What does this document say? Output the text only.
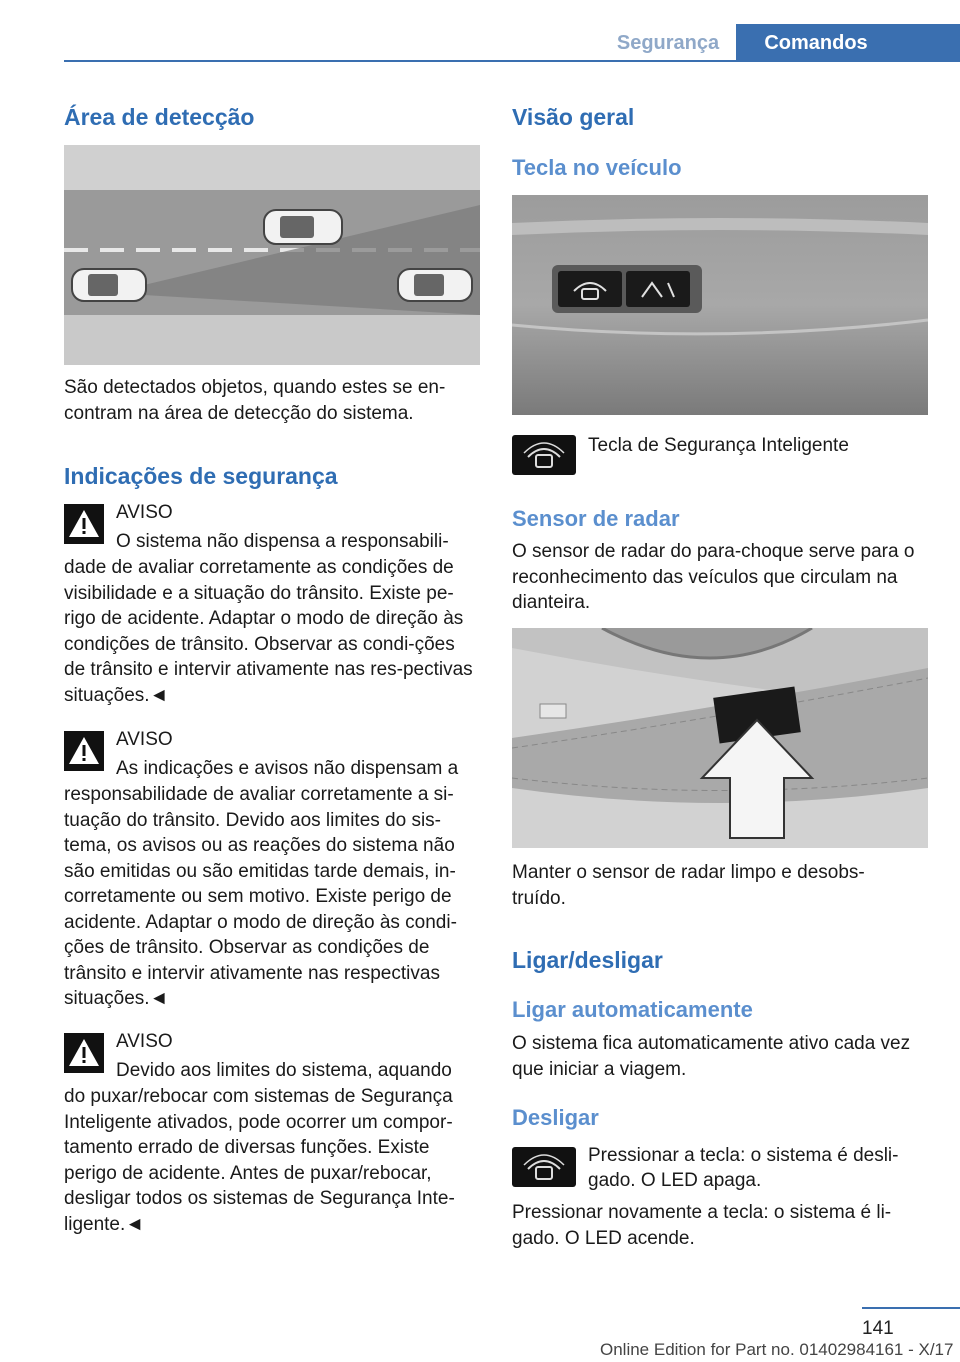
Segurança	Comandos
Área de detecção

São detectados objetos, quando estes se en-contram na área de detecção do sistema.

Indicações de segurança
AVISO
O sistema não dispensa a responsabili-

dade de avaliar corretamente as condições de visibilidade e a situação do trânsito. Existe pe-rigo de acidente. Adaptar o modo de direção às condições de trânsito. Observar as condi-ções de trânsito e intervir ativamente nas res-pectivas situações.◄

AVISO
As indicações e avisos não dispensam a

responsabilidade de avaliar corretamente a si-tuação do trânsito. Devido aos limites do sis-tema, os avisos ou as reações do sistema não são emitidas ou são emitidas tarde demais, in-corretamente ou sem motivo. Existe perigo de acidente. Adaptar o modo de direção às condi-ções de trânsito. Observar as condições de trânsito e intervir ativamente nas respectivas situações.◄

AVISO
Devido aos limites do sistema, aquando

do puxar/rebocar com sistemas de Segurança Inteligente ativados, pode ocorrer um compor-tamento errado de diversas funções. Existe perigo de acidente. Antes de puxar/rebocar, desligar todos os sistemas de Segurança Inte-ligente.◄

Visão geral
Tecla no veículo

Tecla de Segurança Inteligente

Sensor de radar

O sensor de radar do para-choque serve para o reconhecimento das veículos que circulam na dianteira.

Manter o sensor de radar limpo e desobs-truído.

Ligar/desligar
Ligar automaticamente

O sistema fica automaticamente ativo cada vez que iniciar a viagem.

Desligar

Pressionar a tecla: o sistema é desli-

gado. O LED apaga.

Pressionar novamente a tecla: o sistema é li-gado. O LED acende.

141
Online Edition for Part no. 01402984161 - X/17
